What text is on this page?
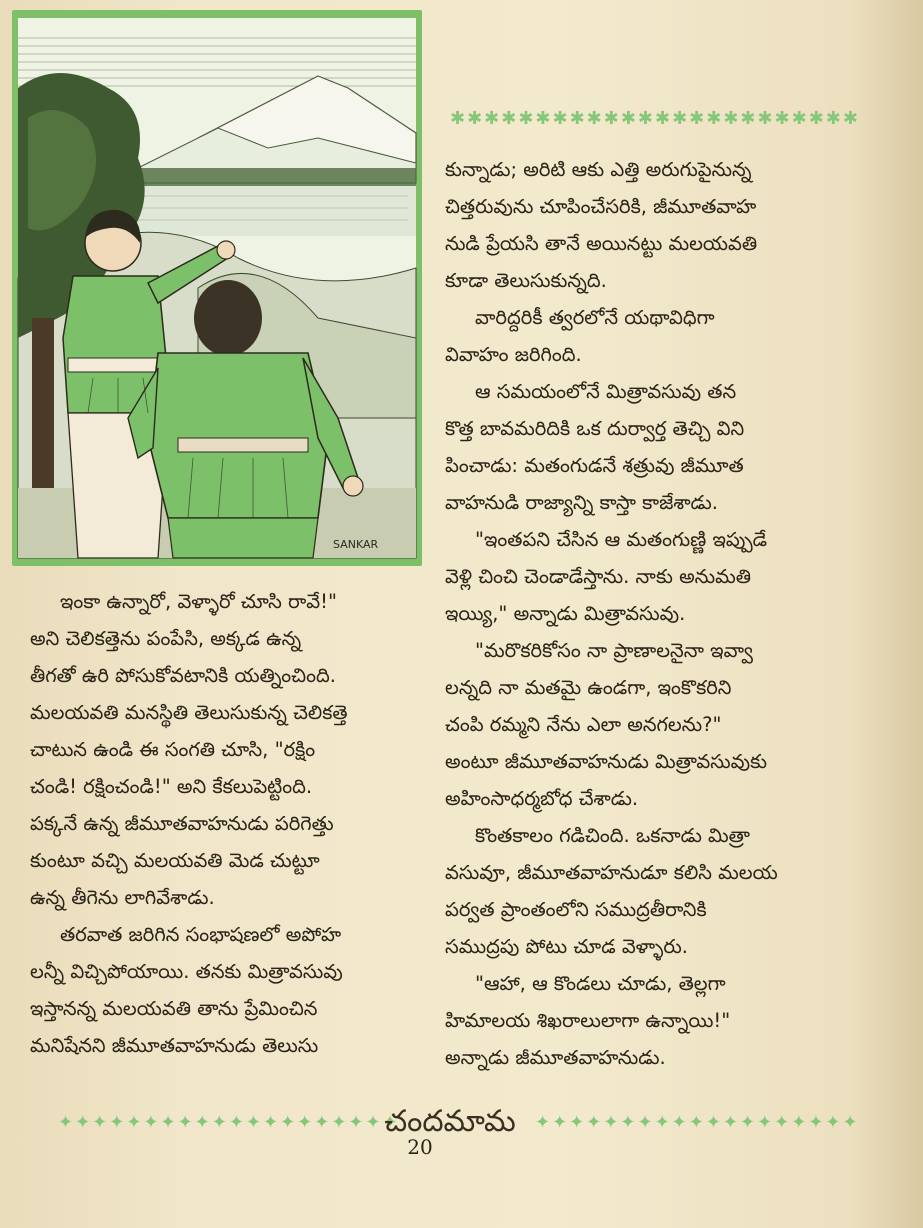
SANKAR
✱✱✱✱✱✱✱✱✱✱✱✱✱✱✱✱✱✱✱✱✱✱✱✱

ఇంకా ఉన్నారో, వెళ్ళారో చూసి రావే!"

అని చెలికత్తెను పంపేసి, అక్కడ ఉన్న

తీగతో ఉరి పోసుకోవటానికి యత్నించింది.

మలయవతి మనస్థితి తెలుసుకున్న చెలికత్తె

చాటున ఉండి ఈ సంగతి చూసి, "రక్షిం

చండి! రక్షించండి!" అని కేకలుపెట్టింది.

పక్కనే ఉన్న జీమూతవాహనుడు పరిగెత్తు

కుంటూ వచ్చి మలయవతి మెడ చుట్టూ

ఉన్న తీగెను లాగివేశాడు.

తరవాత జరిగిన సంభాషణలో అపోహ

లన్నీ విచ్చిపోయాయి. తనకు మిత్రావసువు

ఇస్తానన్న మలయవతి తాను ప్రేమించిన

మనిషేనని జీమూతవాహనుడు తెలుసు

కున్నాడు; అరిటి ఆకు ఎత్తి అరుగుపైనున్న

చిత్తరువును చూపించేసరికి, జీమూతవాహ

నుడి ప్రేయసి తానే అయినట్టు మలయవతి

కూడా తెలుసుకున్నది.

వారిద్దరికీ త్వరలోనే యథావిధిగా

వివాహం జరిగింది.

ఆ సమయంలోనే మిత్రావసువు తన

కొత్త బావమరిదికి ఒక దుర్వార్త తెచ్చి విని

పించాడు: మతంగుడనే శత్రువు జీమూత

వాహనుడి రాజ్యాన్ని కాస్తా కాజేశాడు.

"ఇంతపని చేసిన ఆ మతంగుణ్ణి ఇప్పుడే

వెళ్లి చించి చెండాడేస్తాను. నాకు అనుమతి

ఇయ్యి," అన్నాడు మిత్రావసువు.

"మరొకరికోసం నా ప్రాణాలనైనా ఇవ్వా

లన్నది నా మతమై ఉండగా, ఇంకొకరిని

చంపి రమ్మని నేను ఎలా అనగలను?"

అంటూ జీమూతవాహనుడు మిత్రావసువుకు

అహింసాధర్మబోధ చేశాడు.

కొంతకాలం గడిచింది. ఒకనాడు మిత్రా

వసువూ, జీమూతవాహనుడూ కలిసి మలయ

పర్వత ప్రాంతంలోని సముద్రతీరానికి

సముద్రపు పోటు చూడ వెళ్ళారు.

"ఆహా, ఆ కొండలు చూడు, తెల్లగా

హిమాలయ శిఖరాలులాగా ఉన్నాయి!"

అన్నాడు జీమూతవాహనుడు.

✦✦✦✦✦✦✦✦✦✦✦✦✦✦✦✦✦✦✦✦
చందమామ	✦✦✦✦✦✦✦✦✦✦✦✦✦✦✦✦✦✦✦
20
